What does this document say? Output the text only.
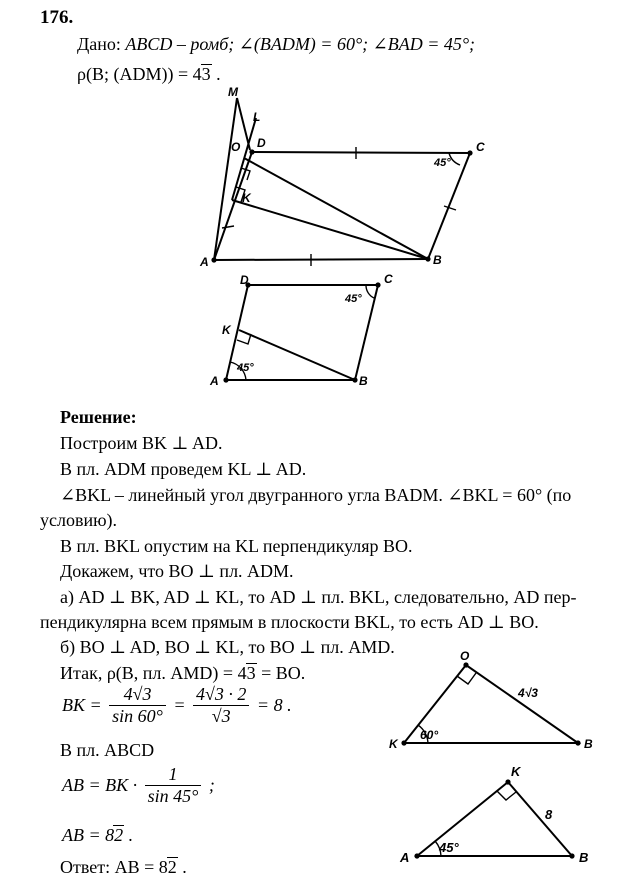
176.
Дано: ABCD – ромб; ∠(BADM) = 60°; ∠BAD = 45°;
ρ(B; (ADM)) = 43 .
M
L
O D	C
K
A	B
45°
D	C
K
A	B
45°
45°
Решение:
Построим BK ⊥ AD.
В пл. ADM проведем KL ⊥ AD.
∠BKL – линейный угол двугранного угла BADM. ∠BKL = 60° (по
условию).
В пл. BKL опустим на KL перпендикуляр BO.
Докажем, что BO ⊥ пл. ADM.
а) AD ⊥ BK, AD ⊥ KL, то AD ⊥ пл. BKL, следовательно, AD пер-
пендикулярна всем прямым в плоскости BKL, то есть AD ⊥ BO.
б) BO ⊥ AD, BO ⊥ KL, то BO ⊥ пл. AMD.
Итак, ρ(B, пл. AMD) = 43 = BO.
BK = $\frac{4√3}{\sin 60^\circ} = \frac{4√3 \cdot 2}{√3} = 8$ .
В пл. ABCD
AB = BK · $\frac{1}{\sin 45^\circ}$ ;
AB = 82 .
Ответ: AB = 82 .
O
K	B
4√3
60°
K
A	B
8
45°
